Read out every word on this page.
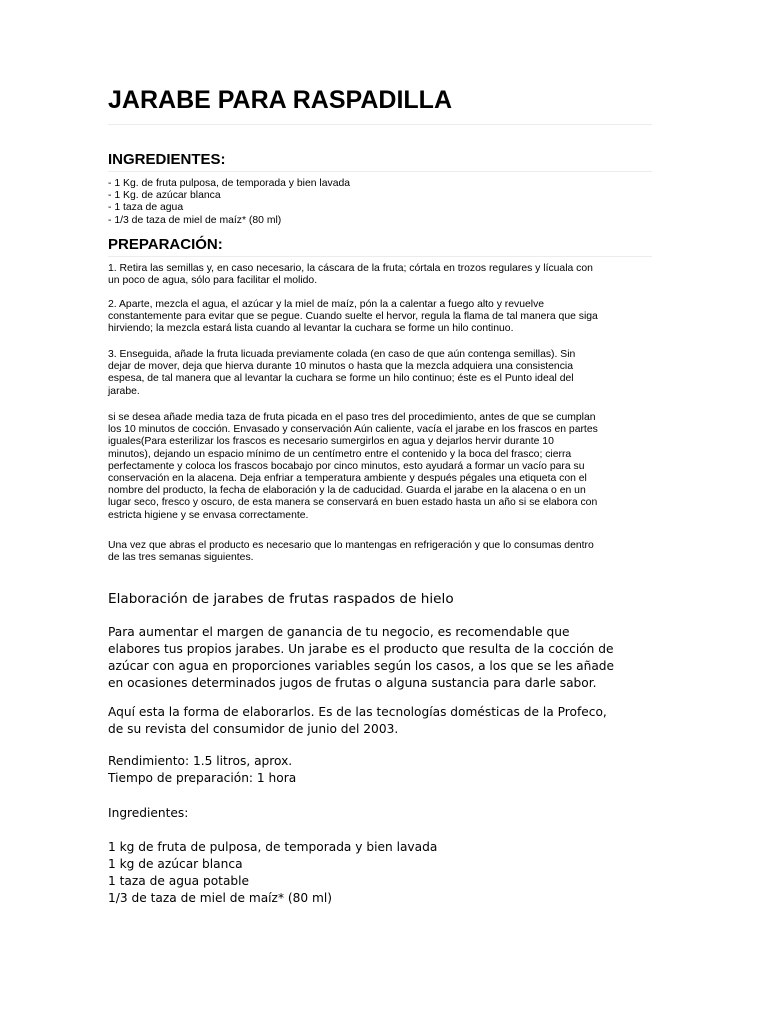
JARABE PARA RASPADILLA
INGREDIENTES:
- 1 Kg. de fruta pulposa, de temporada y bien lavada
- 1 Kg. de azúcar blanca
- 1 taza de agua
- 1/3 de taza de miel de maíz* (80 ml)
PREPARACIÓN:
1. Retira las semillas y, en caso necesario, la cáscara de la fruta; córtala en trozos regulares y lícuala con
un poco de agua, sólo para facilitar el molido.
2. Aparte, mezcla el agua, el azúcar y la miel de maíz, pón la a calentar a fuego alto y revuelve
constantemente para evitar que se pegue. Cuando suelte el hervor, regula la flama de tal manera que siga
hirviendo; la mezcla estará lista cuando al levantar la cuchara se forme un hilo continuo.
3. Enseguida, añade la fruta licuada previamente colada (en caso de que aún contenga semillas). Sin
dejar de mover, deja que hierva durante 10 minutos o hasta que la mezcla adquiera una consistencia
espesa, de tal manera que al levantar la cuchara se forme un hilo continuo; éste es el Punto ideal del
jarabe.
si se desea añade media taza de fruta picada en el paso tres del procedimiento, antes de que se cumplan
los 10 minutos de cocción. Envasado y conservación Aún caliente, vacía el jarabe en los frascos en partes
iguales(Para esterilizar los frascos es necesario sumergirlos en agua y dejarlos hervir durante 10
minutos), dejando un espacio mínimo de un centímetro entre el contenido y la boca del frasco; cierra
perfectamente y coloca los frascos bocabajo por cinco minutos, esto ayudará a formar un vacío para su
conservación en la alacena. Deja enfriar a temperatura ambiente y después pégales una etiqueta con el
nombre del producto, la fecha de elaboración y la de caducidad. Guarda el jarabe en la alacena o en un
lugar seco, fresco y oscuro, de esta manera se conservará en buen estado hasta un año si se elabora con
estricta higiene y se envasa correctamente.
Una vez que abras el producto es necesario que lo mantengas en refrigeración y que lo consumas dentro
de las tres semanas siguientes.
Elaboración de jarabes de frutas raspados de hielo
Para aumentar el margen de ganancia de tu negocio, es recomendable que
elabores tus propios jarabes. Un jarabe es el producto que resulta de la cocción de
azúcar con agua en proporciones variables según los casos, a los que se les añade
en ocasiones determinados jugos de frutas o alguna sustancia para darle sabor.
Aquí esta la forma de elaborarlos. Es de las tecnologías domésticas de la Profeco,
de su revista del consumidor de junio del 2003.
Rendimiento: 1.5 litros, aprox.
Tiempo de preparación: 1 hora
Ingredientes:
1 kg de fruta de pulposa, de temporada y bien lavada
1 kg de azúcar blanca
1 taza de agua potable
1/3 de taza de miel de maíz* (80 ml)
